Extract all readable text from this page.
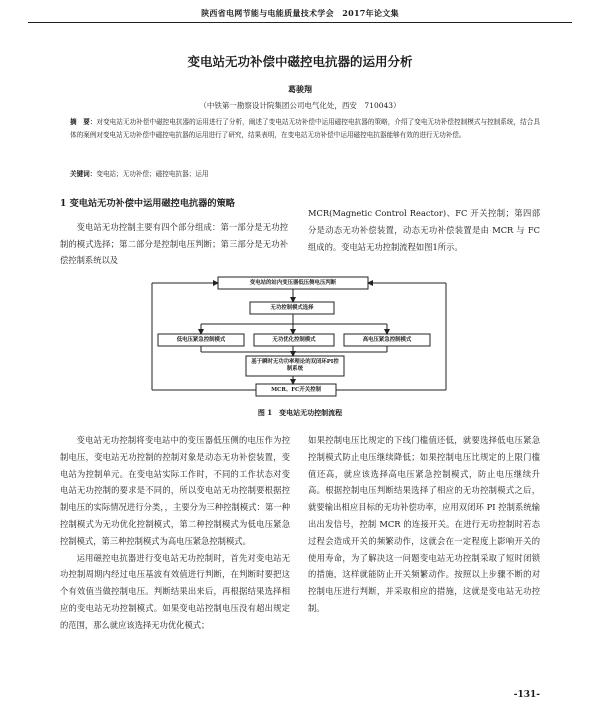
陕西省电网节能与电能质量技术学会　2017年论文集
变电站无功补偿中磁控电抗器的运用分析
葛骏翔
（中铁第一勘察设计院集团公司电气化处，西安　710043）
摘　要：对变电站无功补偿中磁控电抗器的运用进行了分析，阐述了变电站无功补偿中运用磁控电抗器的策略，介绍了变电无功补偿控制模式与控制系统，结合具体的案例对变电站无功补偿中磁控电抗器的运用进行了研究，结果表明，在变电站无功补偿中运用磁控电抗器能够有效的进行无功补偿。
关键词：变电站；无功补偿；磁控电抗器；运用
1 变电站无功补偿中运用磁控电抗器的策略

变电站无功控制主要有四个部分组成：第一部分是无功控制的模式选择；第二部分是控制电压判断；第三部分是无功补偿控制系统以及

MCR(Magnetic Control Reactor)、FC 开关控制；第四部分是动态无功补偿装置，动态无功补偿装置是由 MCR 与 FC 组成的。变电站无功控制流程如图1所示。

变电站的站内变压器低压侧电压判断
无功控制模式选择
低电压紧急控制模式	无功优化控制模式	高电压紧急控制模式
基于瞬时无功功率理论的双闭环PI控制系统
MCR、FC开关控制
图 1　变电站无功控制流程

变电站无功控制将变电站中的变压器低压侧的电压作为控制电压，变电站无功控制的控制对象是动态无功补偿装置，变电站为控制单元。在变电站实际工作时，不同的工作状态对变电站无功控制的要求是不同的，所以变电站无功控制要根据控制电压的实际情况进行分类，，主要分为三种控制模式：第一种控制模式为无功优化控制模式，第二种控制模式为低电压紧急控制模式，第三种控制模式为高电压紧急控制模式。

运用磁控电抗器进行变电站无功控制时，首先对变电站无功控制周期内经过电压基波有效值进行判断，在判断时要把这个有效值当做控制电压。判断结果出来后，再根据结果选择相应的变电站无功控制模式。如果变电站控制电压没有超出规定的范围，那么就应该选择无功优化模式；

如果控制电压比规定的下线门槛值还低，就要选择低电压紧急控制模式防止电压继续降低；如果控制电压比规定的上限门槛值还高，就应该选择高电压紧急控制模式，防止电压继续升高。根据控制电压判断结果选择了相应的无功控制模式之后，就要输出相应目标的无功补偿功率，应用双闭环 PI 控制系统输出出发信号，控制 MCR 的连接开关。在进行无功控制时若态过程会造成开关的频繁动作，这就会在一定程度上影响开关的使用寿命，为了解决这一问题变电站无功控制采取了短时闭锁的措施，这样就能防止开关频繁动作。按照以上步骤不断的对控制电压进行判断，并采取相应的措施，这就是变电站无功控制。

-131-
